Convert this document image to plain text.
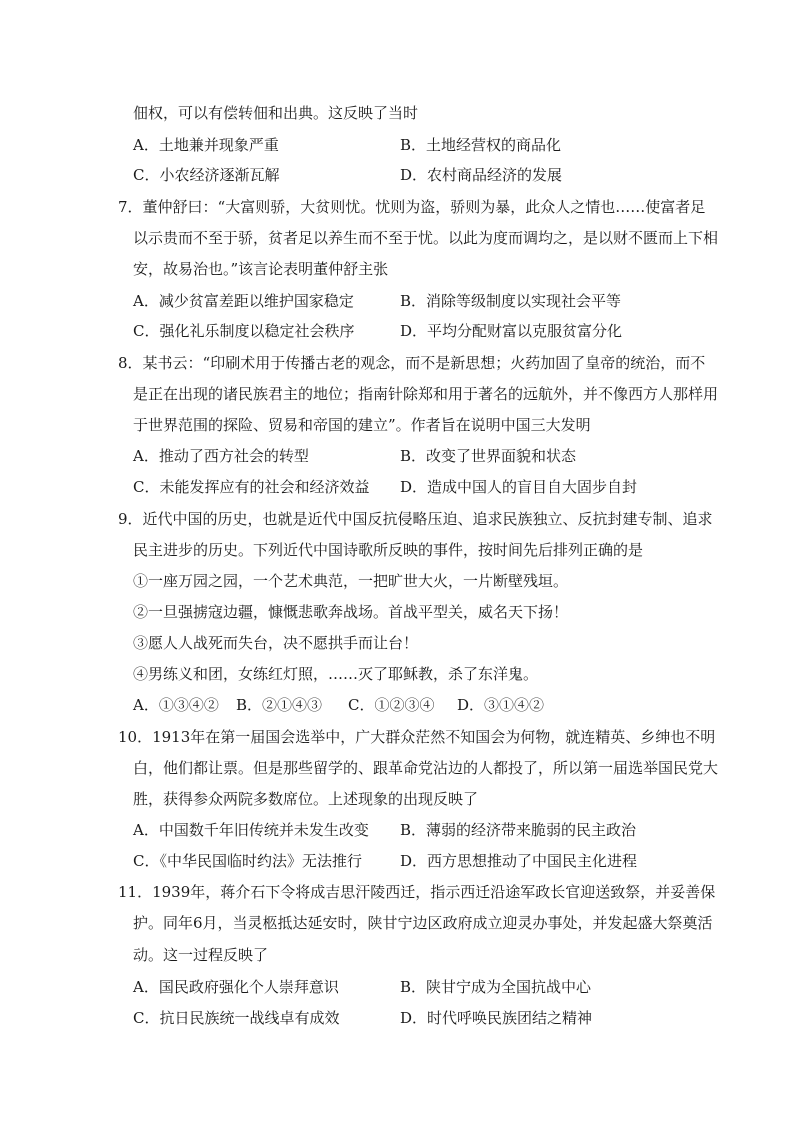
佃权，可以有偿转佃和出典。这反映了当时
A．土地兼并现象严重	B．土地经营权的商品化
C．小农经济逐渐瓦解	D．农村商品经济的发展
7．董仲舒曰：“大富则骄，大贫则忧。忧则为盗，骄则为暴，此众人之情也……使富者足
以示贵而不至于骄，贫者足以养生而不至于忧。以此为度而调均之，是以财不匮而上下相
安，故易治也。”该言论表明董仲舒主张
A．减少贫富差距以维护国家稳定	B．消除等级制度以实现社会平等
C．强化礼乐制度以稳定社会秩序	D．平均分配财富以克服贫富分化
8．某书云：“印刷术用于传播古老的观念，而不是新思想；火药加固了皇帝的统治，而不
是正在出现的诸民族君主的地位；指南针除郑和用于著名的远航外，并不像西方人那样用
于世界范围的探险、贸易和帝国的建立”。作者旨在说明中国三大发明
A．推动了西方社会的转型	B．改变了世界面貌和状态
C．未能发挥应有的社会和经济效益 D．造成中国人的盲目自大固步自封
9．近代中国的历史，也就是近代中国反抗侵略压迫、追求民族独立、反抗封建专制、追求
民主进步的历史。下列近代中国诗歌所反映的事件，按时间先后排列正确的是
①一座万园之园，一个艺术典范，一把旷世大火，一片断壁残垣。
②一旦强掳寇边疆，慷慨悲歌奔战场。首战平型关，威名天下扬！
③愿人人战死而失台，决不愿拱手而让台！
④男练义和团，女练红灯照，……灭了耶稣教，杀了东洋鬼。
A．①③④② B．②①④③ C．①②③④ D．③①④②
10．1913年在第一届国会选举中，广大群众茫然不知国会为何物，就连精英、乡绅也不明
白，他们都让票。但是那些留学的、跟革命党沾边的人都投了，所以第一届选举国民党大
胜，获得参众两院多数席位。上述现象的出现反映了
A．中国数千年旧传统并未发生改变 B．薄弱的经济带来脆弱的民主政治
C．《中华民国临时约法》无法推行	D．西方思想推动了中国民主化进程
11．1939年，蒋介石下令将成吉思汗陵西迁，指示西迁沿途军政长官迎送致祭，并妥善保
护。同年6月，当灵柩抵达延安时，陕甘宁边区政府成立迎灵办事处，并发起盛大祭奠活
动。这一过程反映了
A．国民政府强化个人崇拜意识	B．陕甘宁成为全国抗战中心
C．抗日民族统一战线卓有成效	D．时代呼唤民族团结之精神
